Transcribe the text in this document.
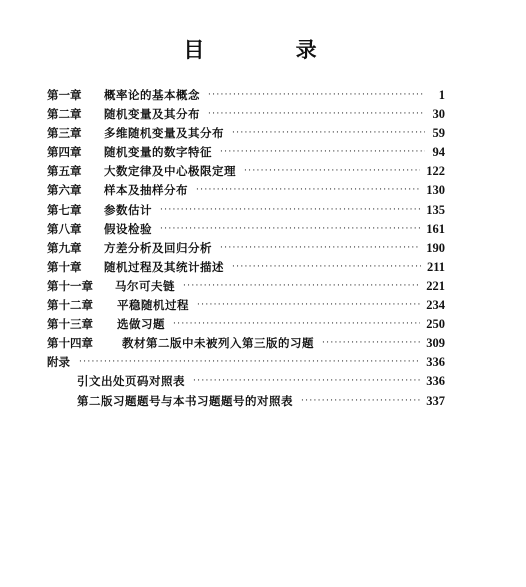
目 录
第一章	概率论的基本概念 ·····	1
第二章	随机变量及其分布 ·····	30
第三章	多维随机变量及其分布 ·····	59
第四章	随机变量的数字特征 ·····	94
第五章	大数定律及中心极限定理 ·····	122
第六章	样本及抽样分布 ·····	130
第七章	参数估计 ·····	135
第八章	假设检验 ·····	161
第九章	方差分析及回归分析 ·····	190
第十章	随机过程及其统计描述 ·····	211
第十一章	马尔可夫链 ·····	221
第十二章	平稳随机过程 ·····	234
第十三章	选做习题 ·····	250
第十四章	教材第二版中未被列入第三版的习题 ·····	309
附录 ·····	336
引文出处页码对照表 ·····	336
第二版习题题号与本书习题题号的对照表 ·····	337
